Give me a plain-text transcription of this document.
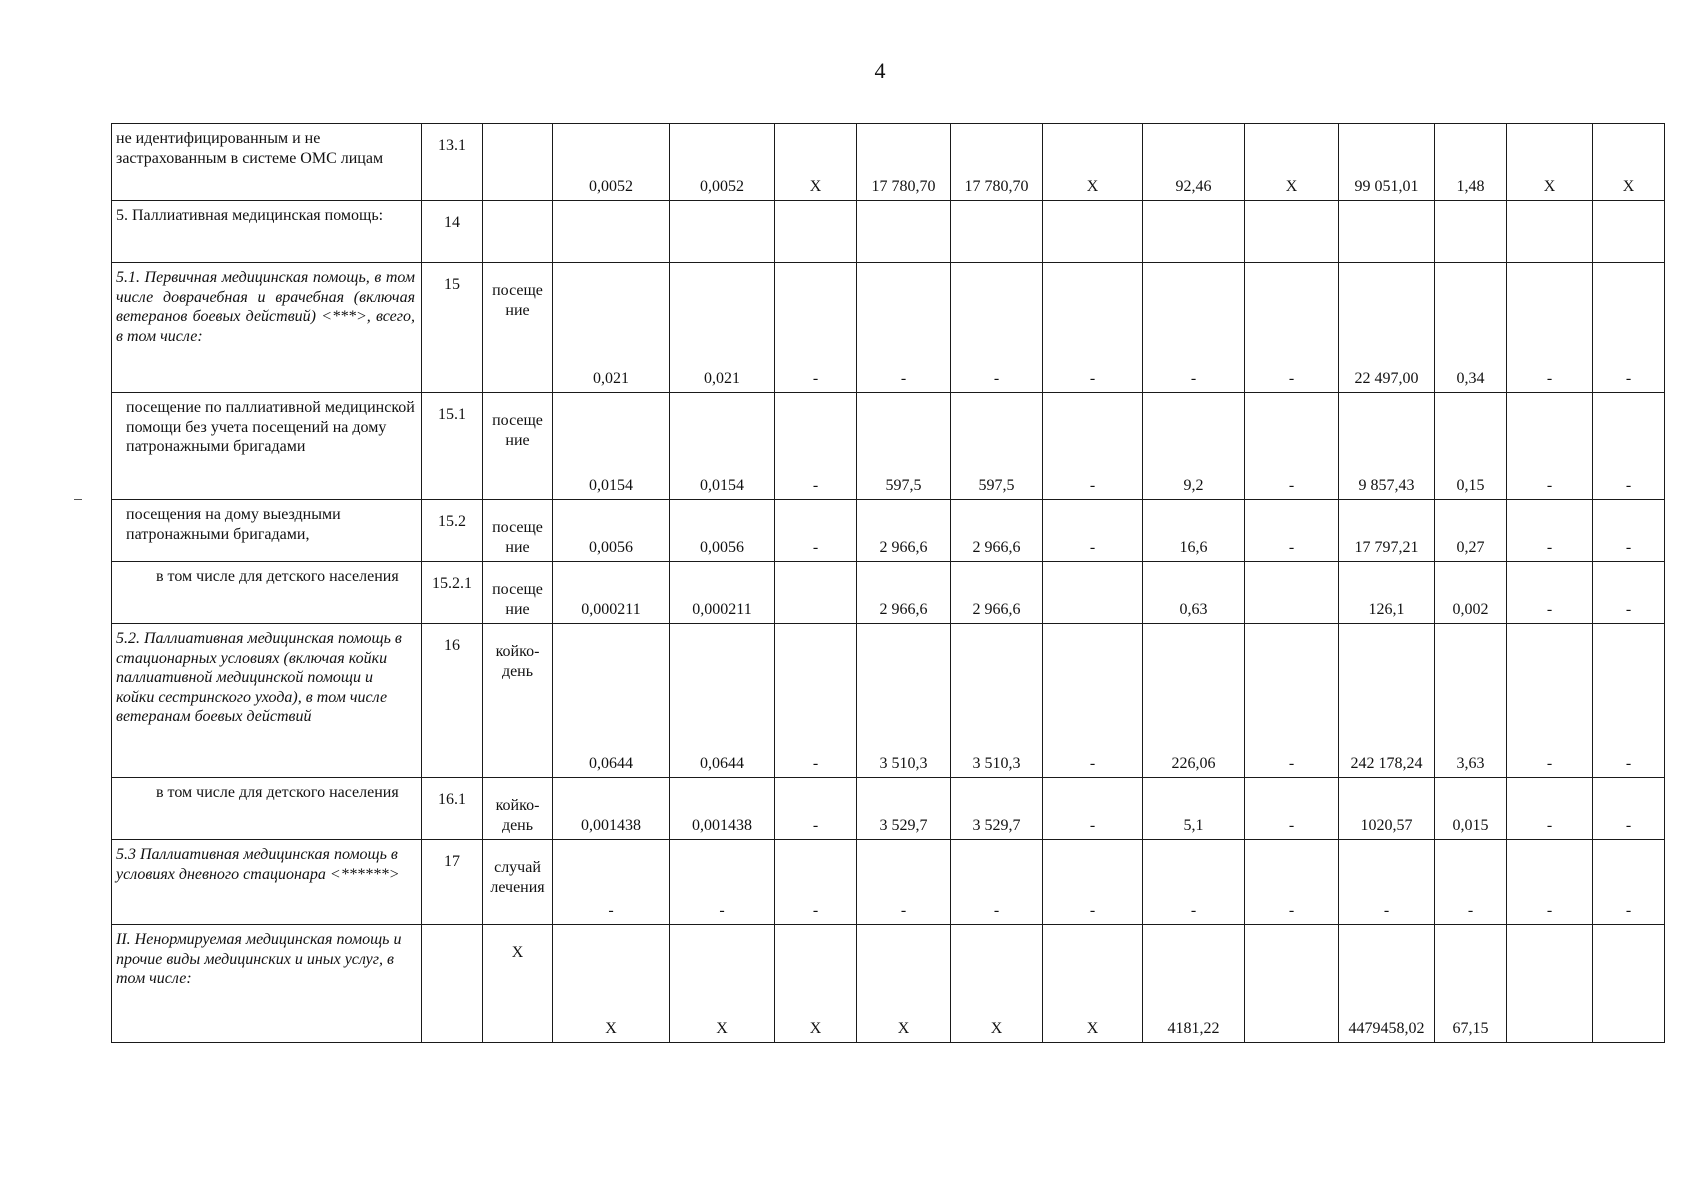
4
не идентифицированным и не застрахованным в системе ОМС лицам	13.1		0,0052	0,0052	Х	17 780,70	17 780,70	Х	92,46	Х	99 051,01	1,48	Х	Х
5. Паллиативная медицинская помощь:	14													
5.1. Первичная медицинская помощь, в том числе доврачебная и врачебная (включая ветеранов боевых действий) <***>, всего, в том числе:	15	посеще ние	0,021	0,021	-	-	-	-	-	-	22 497,00	0,34	-	-
посещение по паллиативной медицинской помощи без учета посещений на дому патронажными бригадами	15.1	посеще ние	0,0154	0,0154	-	597,5	597,5	-	9,2	-	9 857,43	0,15	-	-
посещения на дому выездными патронажными бригадами,	15.2	посеще ние	0,0056	0,0056	-	2 966,6	2 966,6	-	16,6	-	17 797,21	0,27	-	-
в том числе для детского населения	15.2.1	посеще ние	0,000211	0,000211		2 966,6	2 966,6		0,63		126,1	0,002	-	-
5.2. Паллиативная медицинская помощь в стационарных условиях (включая койки паллиативной медицинской помощи и койки сестринского ухода), в том числе ветеранам боевых действий	16	койко-день	0,0644	0,0644	-	3 510,3	3 510,3	-	226,06	-	242 178,24	3,63	-	-
в том числе для детского населения	16.1	койко-день	0,001438	0,001438	-	3 529,7	3 529,7	-	5,1	-	1020,57	0,015	-	-
5.3 Паллиативная медицинская помощь в условиях дневного стационара <******>	17	случай лечения	-	-	-	-	-	-	-	-	-	-	-	-
II. Ненормируемая медицинская помощь и прочие виды медицинских и иных услуг, в том числе:		Х	Х	Х	Х	Х	Х	Х	4181,22		4479458,02	67,15		
